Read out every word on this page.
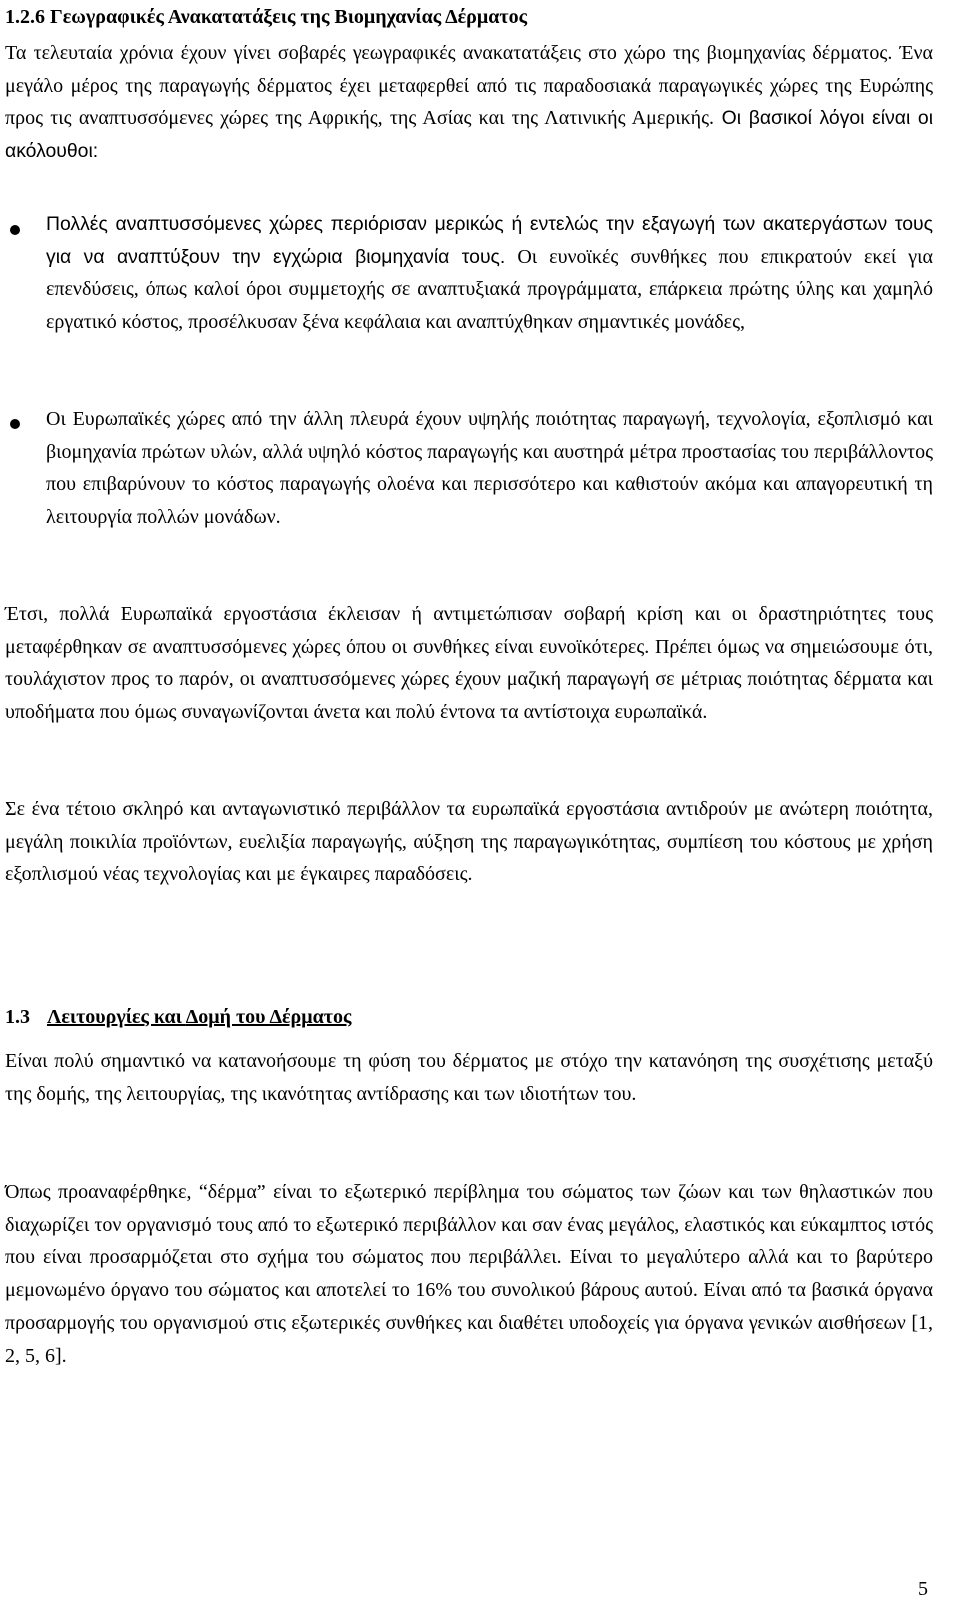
1.2.6 Γεωγραφικές Ανακατατάξεις της Βιομηχανίας Δέρματος

Τα τελευταία χρόνια έχουν γίνει σοβαρές γεωγραφικές ανακατατάξεις στο χώρο της βιομηχανίας δέρματος. Ένα μεγάλο μέρος της παραγωγής δέρματος έχει μεταφερθεί από τις παραδοσιακά παραγωγικές χώρες της Ευρώπης προς τις αναπτυσσόμενες χώρες της Αφρικής, της Ασίας και της Λατινικής Αμερικής. Οι βασικοί λόγοι είναι οι ακόλουθοι:

Πολλές αναπτυσσόμενες χώρες περιόρισαν μερικώς ή εντελώς την εξαγωγή των ακατεργάστων τους για να αναπτύξουν την εγχώρια βιομηχανία τους. Οι ευνοϊκές συνθήκες που επικρατούν εκεί για επενδύσεις, όπως καλοί όροι συμμετοχής σε αναπτυξιακά προγράμματα, επάρκεια πρώτης ύλης και χαμηλό εργατικό κόστος, προσέλκυσαν ξένα κεφάλαια και αναπτύχθηκαν σημαντικές μονάδες,

Οι Ευρωπαϊκές χώρες από την άλλη πλευρά έχουν υψηλής ποιότητας παραγωγή, τεχνολογία, εξοπλισμό και βιομηχανία πρώτων υλών, αλλά υψηλό κόστος παραγωγής και αυστηρά μέτρα προστασίας του περιβάλλοντος που επιβαρύνουν το κόστος παραγωγής ολοένα και περισσότερο και καθιστούν ακόμα και απαγορευτική τη λειτουργία πολλών μονάδων.

Έτσι, πολλά Ευρωπαϊκά εργοστάσια έκλεισαν ή αντιμετώπισαν σοβαρή κρίση και οι δραστηριότητες τους μεταφέρθηκαν σε αναπτυσσόμενες χώρες όπου οι συνθήκες είναι ευνοϊκότερες. Πρέπει όμως να σημειώσουμε ότι, τουλάχιστον προς το παρόν, οι αναπτυσσόμενες χώρες έχουν μαζική παραγωγή σε μέτριας ποιότητας δέρματα και υποδήματα που όμως συναγωνίζονται άνετα και πολύ έντονα τα αντίστοιχα ευρωπαϊκά.

Σε ένα τέτοιο σκληρό και ανταγωνιστικό περιβάλλον τα ευρωπαϊκά εργοστάσια αντιδρούν με ανώτερη ποιότητα, μεγάλη ποικιλία προϊόντων, ευελιξία παραγωγής, αύξηση της παραγωγικότητας, συμπίεση του κόστους με χρήση εξοπλισμού νέας τεχνολογίας και με έγκαιρες παραδόσεις.

1.3 Λειτουργίες και Δομή του Δέρματος

Είναι πολύ σημαντικό να κατανοήσουμε τη φύση του δέρματος με στόχο την κατανόηση της συσχέτισης μεταξύ της δομής, της λειτουργίας, της ικανότητας αντίδρασης και των ιδιοτήτων του.

Όπως προαναφέρθηκε, “δέρμα” είναι το εξωτερικό περίβλημα του σώματος των ζώων και των θηλαστικών που διαχωρίζει τον οργανισμό τους από το εξωτερικό περιβάλλον και σαν ένας μεγάλος, ελαστικός και εύκαμπτος ιστός που είναι προσαρμόζεται στο σχήμα του σώματος που περιβάλλει. Είναι το μεγαλύτερο αλλά και το βαρύτερο μεμονωμένο όργανο του σώματος και αποτελεί το 16% του συνολικού βάρους αυτού. Είναι από τα βασικά όργανα προσαρμογής του οργανισμού στις εξωτερικές συνθήκες και διαθέτει υποδοχείς για όργανα γενικών αισθήσεων [1, 2, 5, 6].

5
